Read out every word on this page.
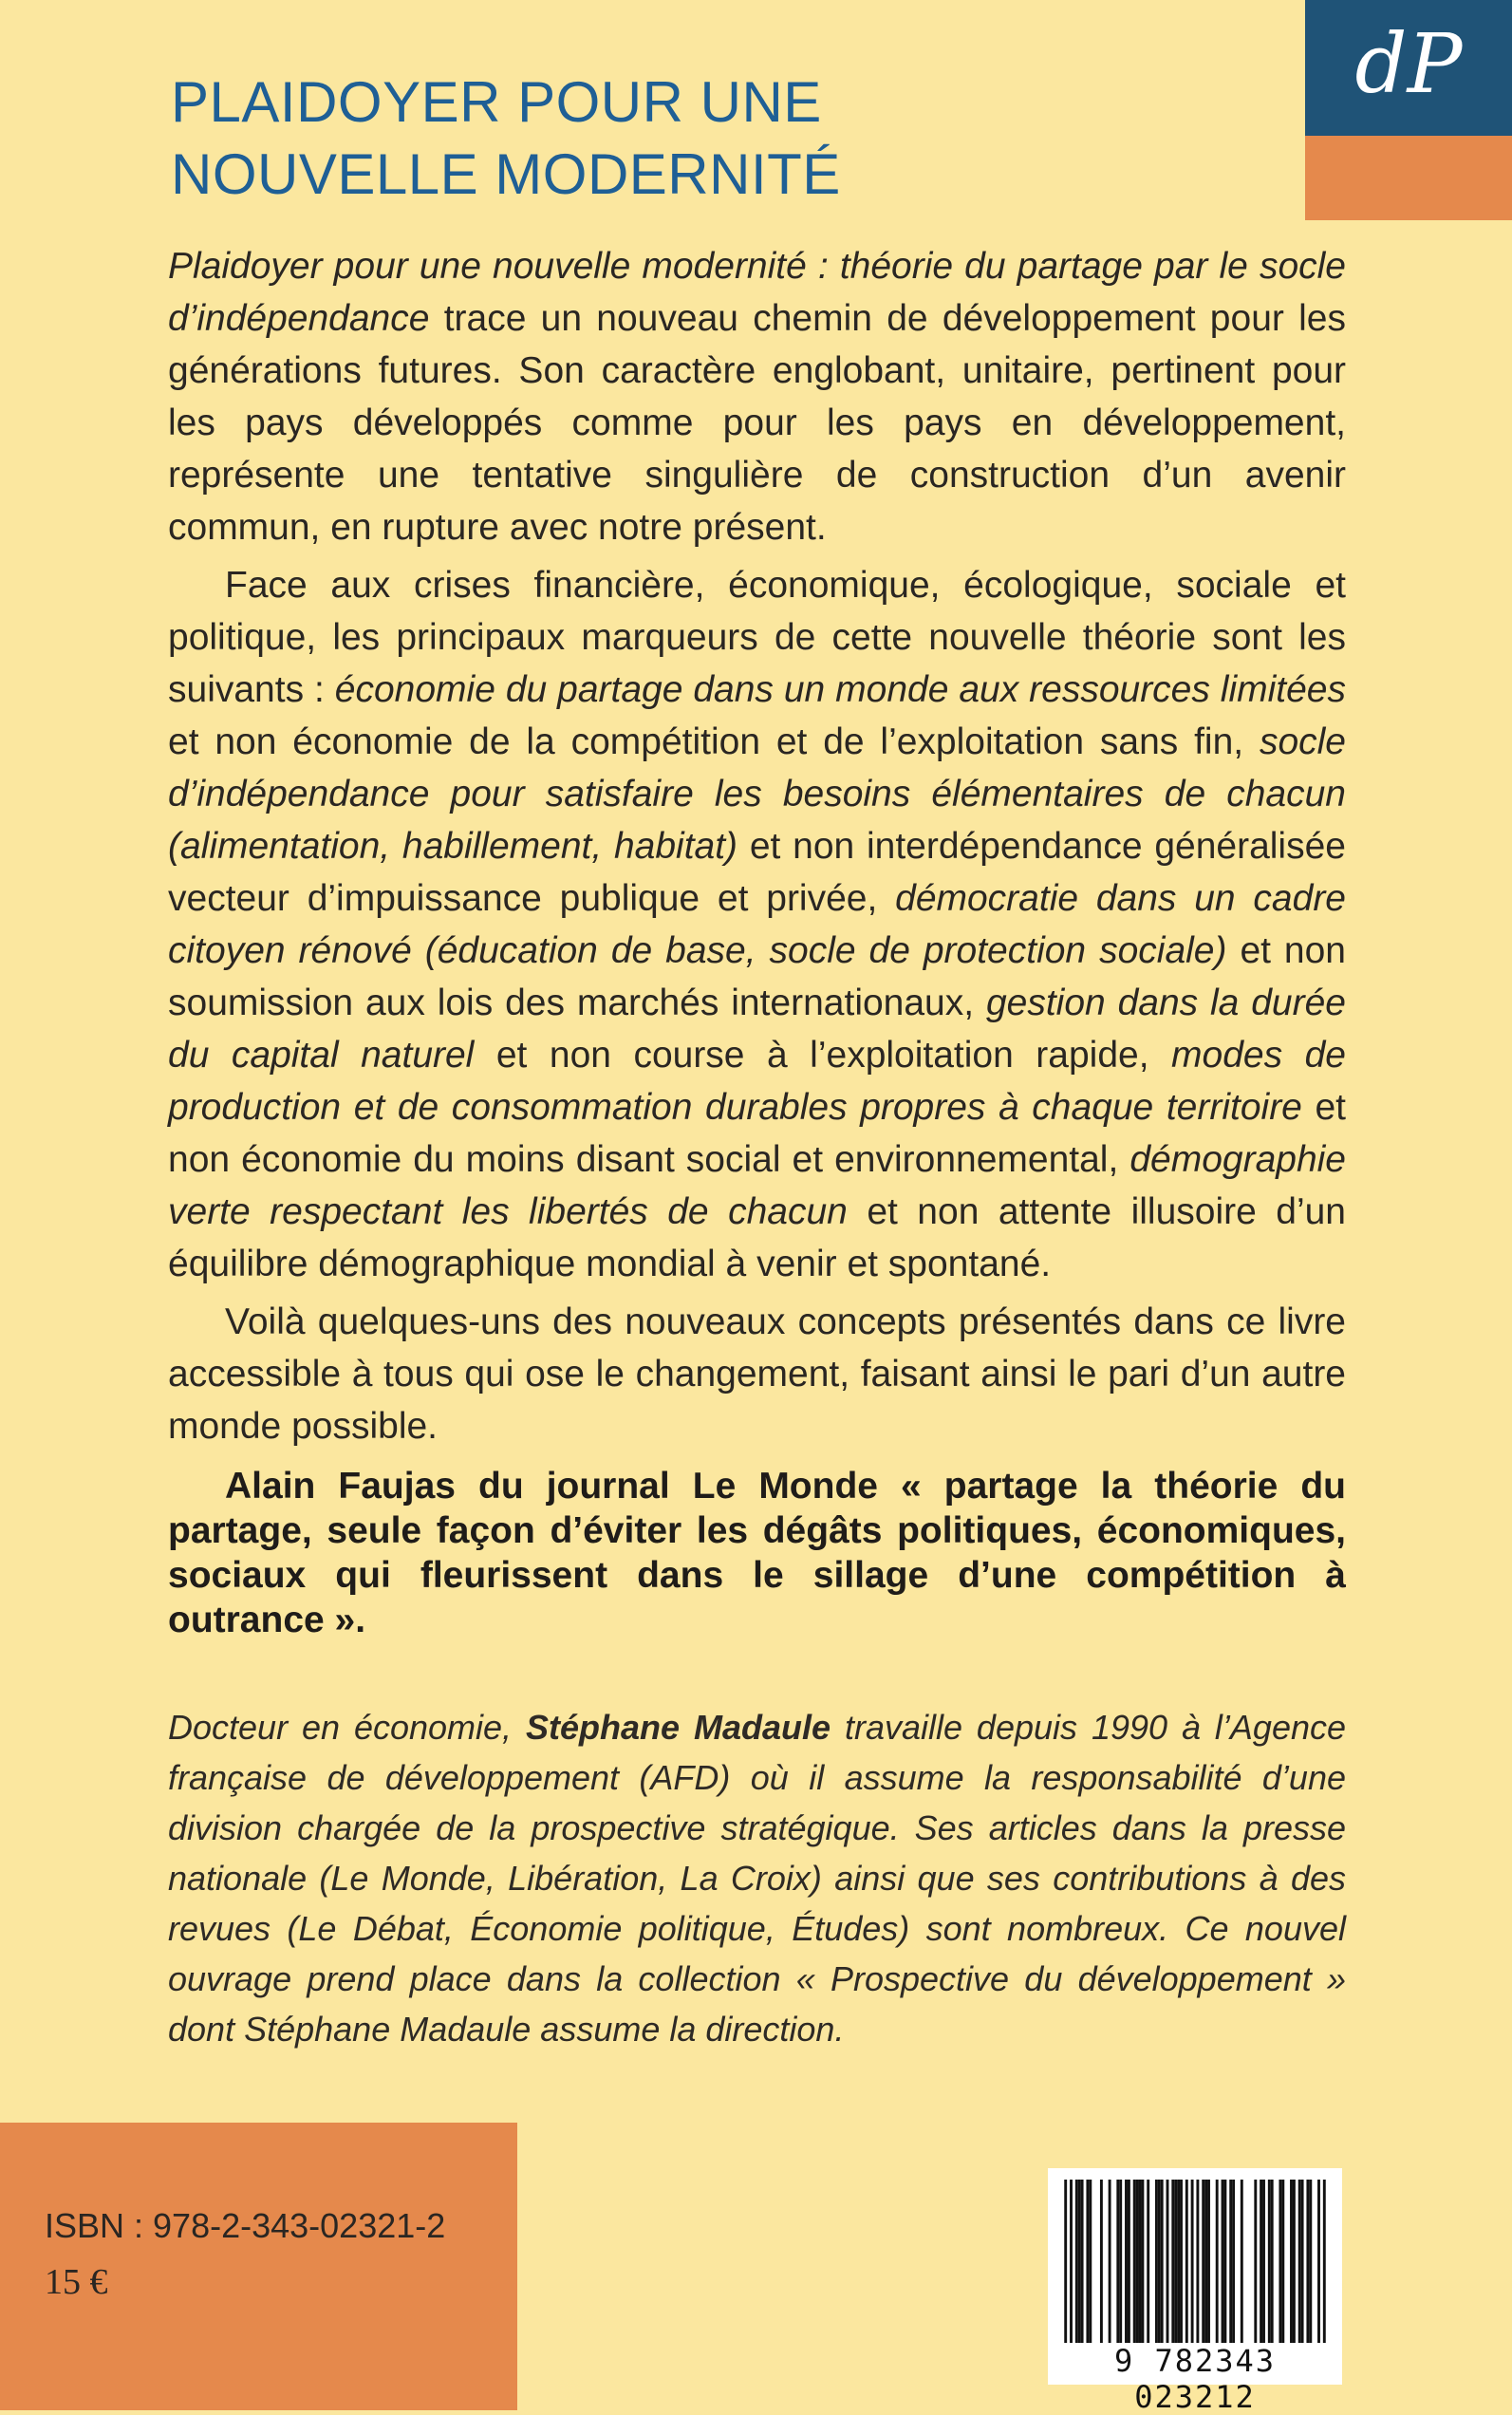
dP
PLAIDOYER POUR UNE
NOUVELLE MODERNITÉ

Plaidoyer pour une nouvelle modernité : théorie du partage par le socle d’indépendance trace un nouveau chemin de développement pour les générations futures. Son caractère englobant, unitaire, pertinent pour les pays développés comme pour les pays en développement, représente une tentative singulière de construction d’un avenir commun, en rupture avec notre présent.

Face aux crises financière, économique, écologique, sociale et politique, les principaux marqueurs de cette nouvelle théorie sont les suivants : économie du partage dans un monde aux ressources limitées et non économie de la compétition et de l’exploitation sans fin, socle d’indépendance pour satisfaire les besoins élémentaires de chacun (alimentation, habillement, habitat) et non interdépendance généralisée vecteur d’impuissance publique et privée, démocratie dans un cadre citoyen rénové (éducation de base, socle de protection sociale) et non soumission aux lois des marchés internationaux, gestion dans la durée du capital naturel et non course à l’exploitation rapide, modes de production et de consommation durables propres à chaque territoire et non économie du moins disant social et environnemental, démographie verte respectant les libertés de chacun et non attente illusoire d’un équilibre démographique mondial à venir et spontané.

Voilà quelques-uns des nouveaux concepts présentés dans ce livre accessible à tous qui ose le changement, faisant ainsi le pari d’un autre monde possible.

Alain Faujas du journal Le Monde « partage la théorie du partage, seule façon d’éviter les dégâts politiques, économiques, sociaux qui fleurissent dans le sillage d’une compétition à outrance ».

Docteur en économie, Stéphane Madaule travaille depuis 1990 à l’Agence française de développement (AFD) où il assume la responsabilité d’une division chargée de la prospective stratégique. Ses articles dans la presse nationale (Le Monde, Libération, La Croix) ainsi que ses contributions à des revues (Le Débat, Économie politique, Études) sont nombreux. Ce nouvel ouvrage prend place dans la collection « Prospective du développement » dont Stéphane Madaule assume la direction.
ISBN : 978-2-343-02321-2
15 €
9 782343 023212
